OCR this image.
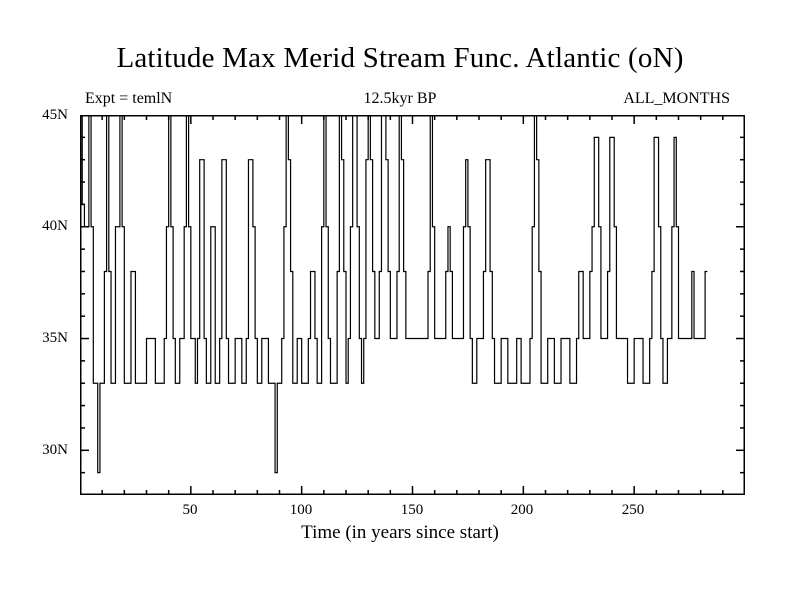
Latitude Max Merid Stream Func. Atlantic (oN)
Expt = temlN	12.5kyr BP	ALL_MONTHS
45N
40N
35N
30N
50	100	150	200	250
Time (in years since start)
